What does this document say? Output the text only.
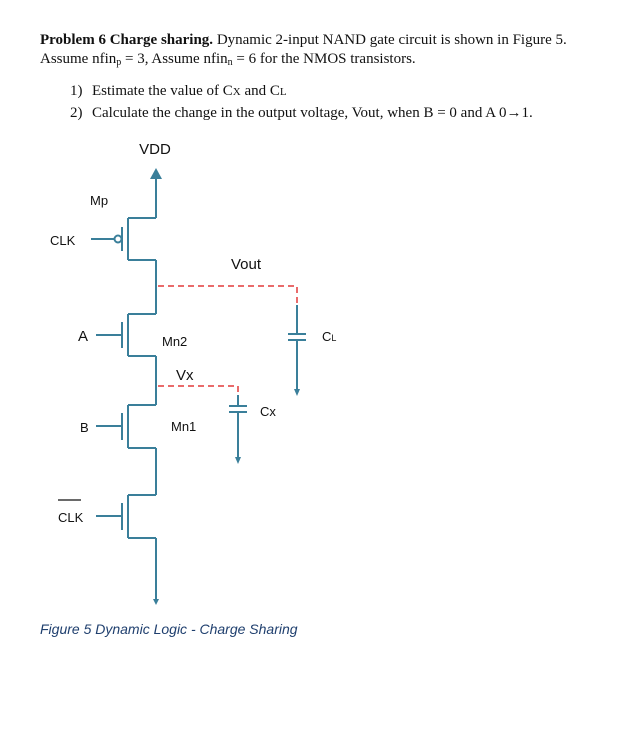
Problem 6 Charge sharing. Dynamic 2-input NAND gate circuit is shown in Figure 5.
Assume nfin$_p$ = 3, Assume nfin$_n$ = 6 for the NMOS transistors.
1) Estimate the value of CX and CL
2) Calculate the change in the output voltage, Vout, when B = 0 and A 0→1.
VDD
Mp
CLK
Vout
A	Mn2	CL
Vx
Cx
B	Mn1
CLK
Figure 5 Dynamic Logic - Charge Sharing
